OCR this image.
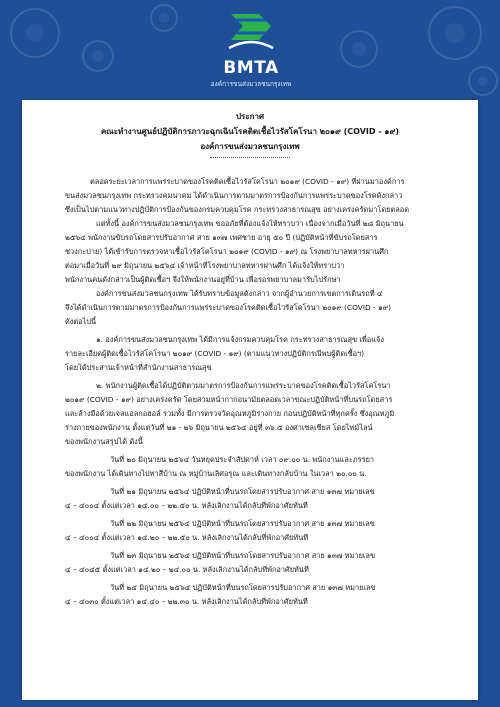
BMTA
องค์การขนส่งมวลชนกรุงเทพ
ประกาศ
คณะทำงานศูนย์ปฏิบัติการภาวะฉุกเฉินโรคติดเชื้อไวรัสโคโรนา ๒๐๑๙ (COVID - ๑๙)
องค์การขนส่งมวลชนกรุงเทพ
ตลอดระยะเวลาการแพร่ระบาดของโรคติดเชื้อไวรัสโคโรนา ๒๐๑๙ (COVID - ๑๙) ที่ผ่านมาองค์การ
ขนส่งมวลชนกรุงเทพ กระทรวงคมนาคม ได้ดำเนินการตามมาตรการป้องกันการแพร่ระบาดของโรคดังกล่าว
ซึ่งเป็นไปตามแนวทางปฏิบัติการป้องกันของกรมควบคุมโรค กระทรวงสาธารณสุข อย่างเคร่งครัดมาโดยตลอด
แต่ทั้งนี้ องค์การขนส่งมวลชนกรุงเทพ ขออภัยที่ต้องแจ้งให้ทราบว่า เนื่องจากเมื่อวันที่ ๒๘ มิถุนายน
๒๕๖๔ พนักงานขับรถโดยสารปรับอากาศ สาย ๑๓๗ เพศชาย อายุ ๕๐ ปี (ปฏิบัติหน้าที่ขับรถโดยสาร
ช่วงกะบ่าย) ได้เข้ารับการตรวจหาเชื้อไวรัสโคโรนา ๒๐๑๙ (COVID - ๑๙) ณ โรงพยาบาลทหารผ่านศึก
ต่อมาเมื่อวันที่ ๒๙ มิถุนายน ๒๕๖๔ เจ้าหน้าที่โรงพยาบาลทหารผ่านศึก ได้แจ้งให้ทราบว่า
พนักงานคนดังกล่าวเป็นผู้ติดเชื้อฯ จึงให้พนักงานอยู่ที่บ้าน เพื่อรอรพยาบาลมารับไปรักษา
องค์การขนส่งมวลชนกรุงเทพ ได้รับทราบข้อมูลดังกล่าว จากผู้อำนวยการเขตการเดินรถที่ ๔
จึงได้ดำเนินการตามมาตรการป้องกันการแพร่ระบาดของโรคติดเชื้อไวรัสโคโรนา ๒๐๑๙ (COVID - ๑๙)
ดังต่อไปนี้
๑. องค์การขนส่งมวลชนกรุงเทพ ได้มีการแจ้งกรมควบคุมโรค กระทรวงสาธารณสุข เพื่อแจ้ง
รายละเอียดผู้ติดเชื้อไวรัสโคโรนา ๒๐๑๙ (COVID - ๑๙) (ตามแนวทางปฏิบัติกรณีพบผู้ติดเชื้อฯ)
โดยได้ประสานเจ้าหน้าที่สำนักงานสาธารณสุข
๒. พนักงานผู้ติดเชื้อได้ปฏิบัติตามมาตรการป้องกันการแพร่ระบาดของโรคติดเชื้อไวรัสโคโรนา
๒๐๑๙ (COVID - ๑๙) อย่างเคร่งครัด โดยสวมหน้ากากอนามัยตลอดเวลาขณะปฏิบัติหน้าที่บนรถโดยสาร
และล้างมือด้วยเจลแอลกอฮอล์ รวมทั้ง มีการตรวจวัดอุณหภูมิร่างกาย ก่อนปฏิบัติหน้าที่ทุกครั้ง ซึ่งอุณหภูมิ
ร่างกายของพนักงาน ตั้งแต่วันที่ ๒๑ - ๒๖ มิถุนายน ๒๕๖๔ อยู่ที่ ๓๖.๕ องศาเซลเซียส โดยไทม์ไลน์
ของพนักงานสรุปได้ ดังนี้
วันที่ ๒๐ มิถุนายน ๒๕๖๔ วันหยุดประจำสัปดาห์ เวลา ๐๙.๐๐ น. พนักงานและภรรยา
ของพนักงาน ได้เดินทางไปทาสีบ้าน ณ หมู่บ้านเลิศอรุณ และเดินทางกลับบ้าน ในเวลา ๒๐.๐๐ น.
วันที่ ๒๑ มิถุนายน ๒๕๖๔ ปฏิบัติหน้าที่บนรถโดยสารปรับอากาศ สาย ๑๓๗ หมายเลข
๔ – ๔๐๐๔ ตั้งแต่เวลา ๑๔.๐๐ – ๒๒.๕๐ น. หลังเลิกงานได้กลับที่พักอาศัยทันที
วันที่ ๒๒ มิถุนายน ๒๕๖๔ ปฏิบัติหน้าที่บนรถโดยสารปรับอากาศ สาย ๑๓๗ หมายเลข
๔ – ๔๐๐๔ ตั้งแต่เวลา ๑๔.๒๐ – ๒๒.๕๐ น. หลังเลิกงานได้กลับที่พักอาศัยทันที
วันที่ ๒๓ มิถุนายน ๒๕๖๔ ปฏิบัติหน้าที่บนรถโดยสารปรับอากาศ สาย ๑๓๗ หมายเลข
๔ – ๔๐๔๕ ตั้งแต่เวลา ๑๔.๒๐ – ๒๔.๐๐ น. หลังเลิกงานได้กลับที่พักอาศัยทันที
วันที่ ๒๔ มิถุนายน ๒๕๖๔ ปฏิบัติหน้าที่บนรถโดยสารปรับอากาศ สาย ๑๓๗ หมายเลข
๔ – ๔๐๓๐ ตั้งแต่เวลา ๑๔.๔๐ – ๒๒.๓๐ น. หลังเลิกงานได้กลับที่พักอาศัยทันที
